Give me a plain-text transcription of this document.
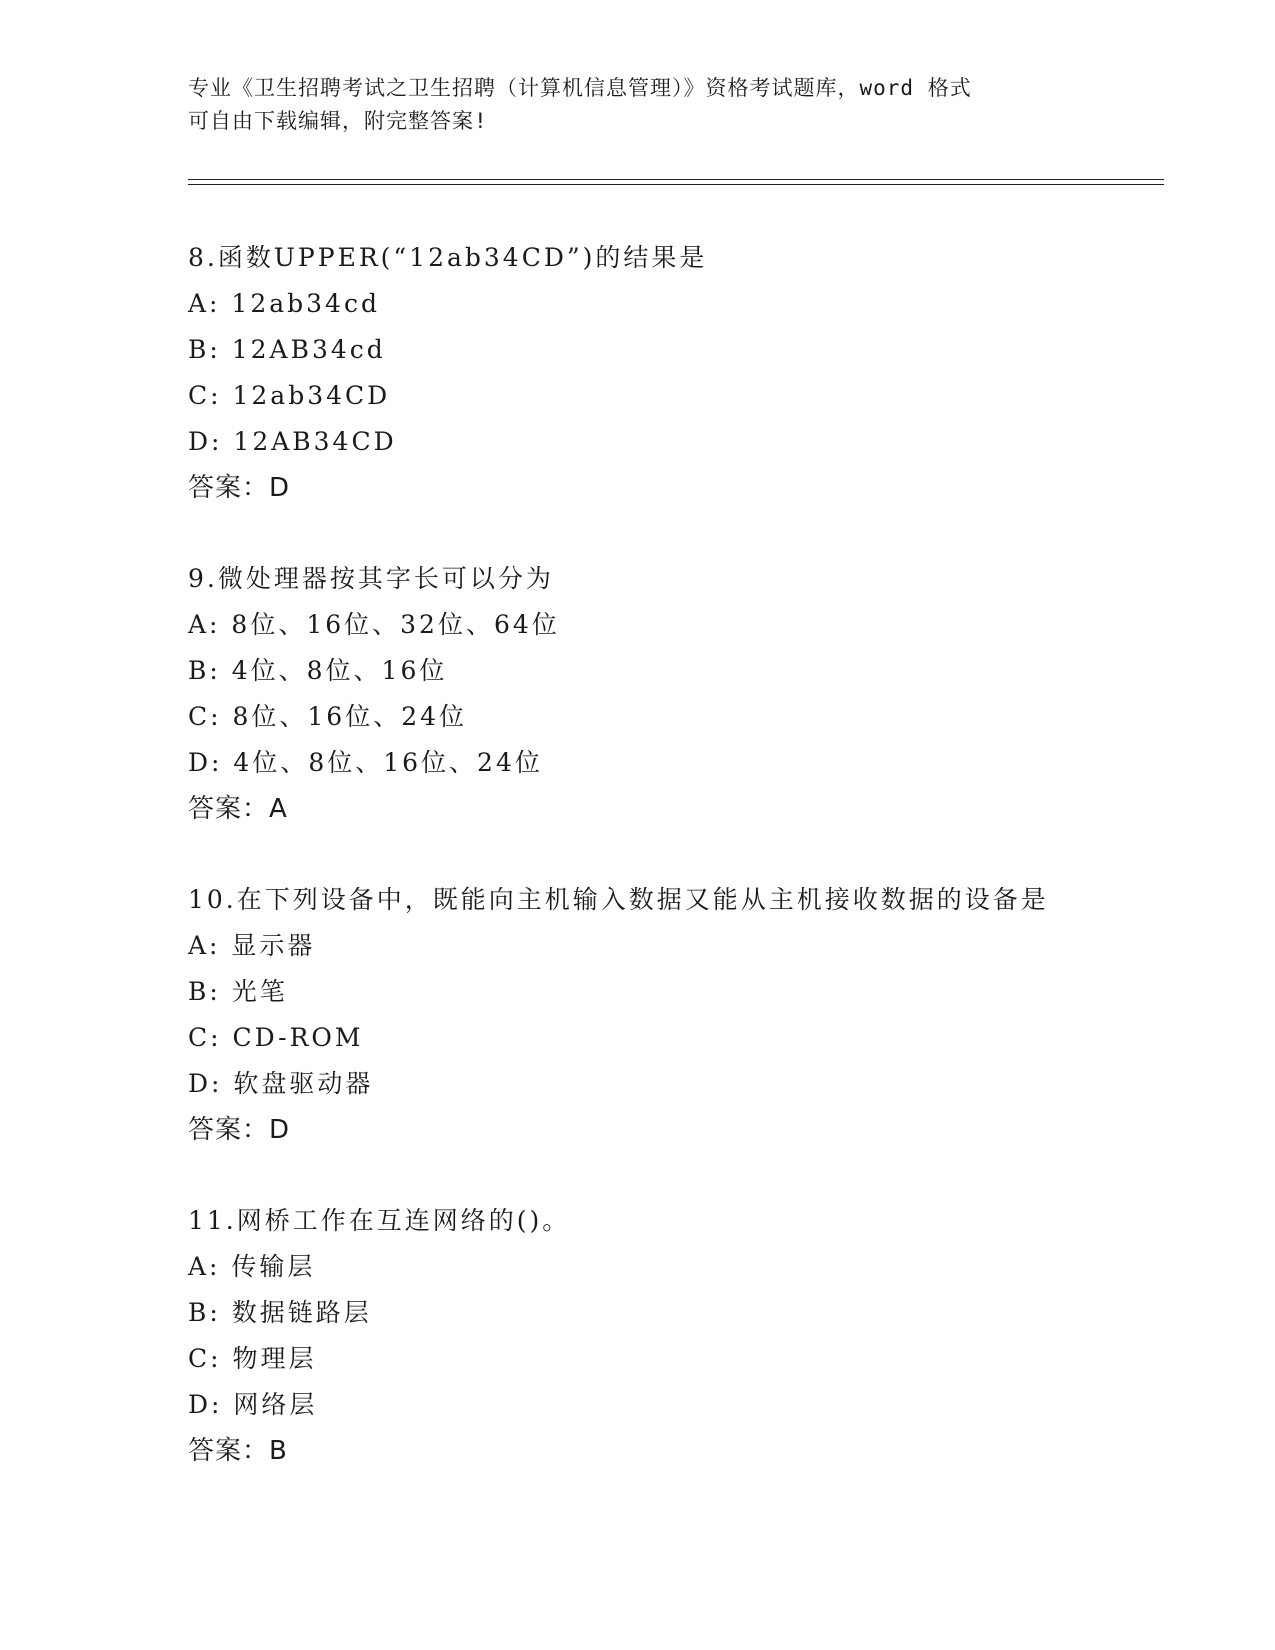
专业《卫生招聘考试之卫生招聘（计算机信息管理）》资格考试题库，word 格式
可自由下载编辑，附完整答案!
8.函数UPPER(“12ab34CD”)的结果是
A: 12ab34cd
B: 12AB34cd
C: 12ab34CD
D: 12AB34CD
答案：D
9.微处理器按其字长可以分为
A: 8位、16位、32位、64位
B: 4位、8位、16位
C: 8位、16位、24位
D: 4位、8位、16位、24位
答案：A
10.在下列设备中，既能向主机输入数据又能从主机接收数据的设备是
A: 显示器
B: 光笔
C: CD-ROM
D: 软盘驱动器
答案：D
11.网桥工作在互连网络的()。
A: 传输层
B: 数据链路层
C: 物理层
D: 网络层
答案：B
